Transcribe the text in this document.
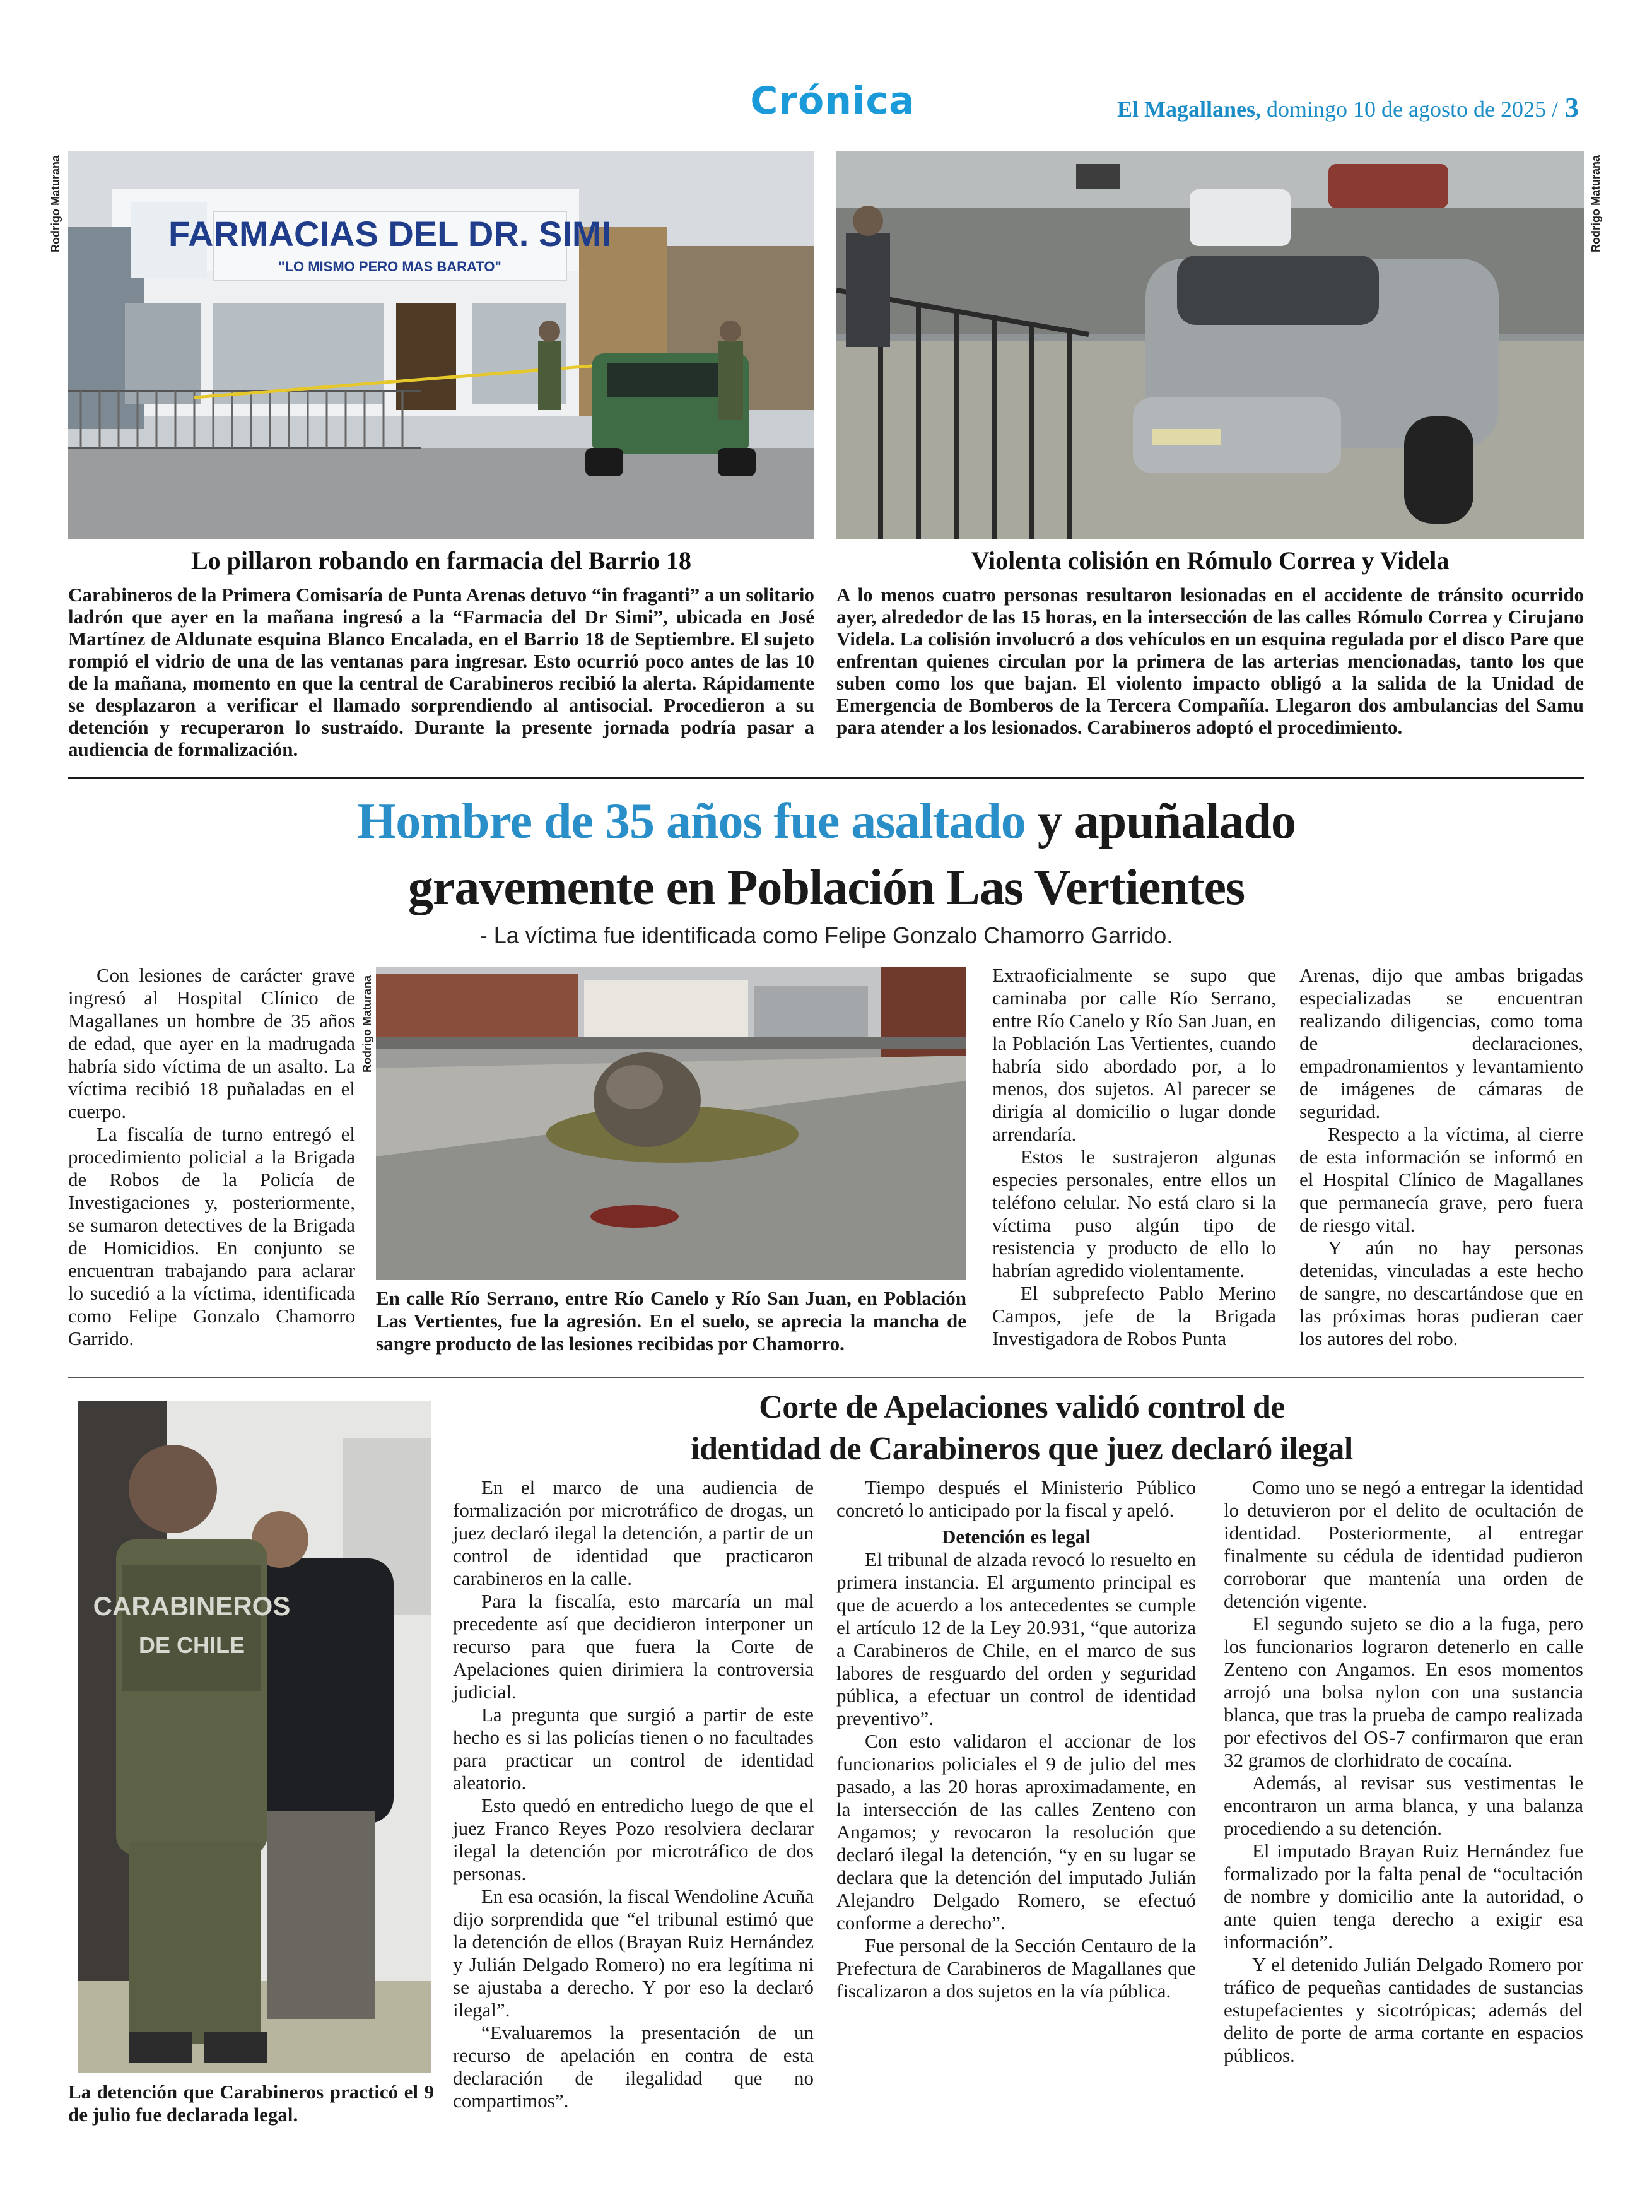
Crónica	El Magallanes, domingo 10 de agosto de 2025 / 3
Rodrigo Maturana	FARMACIAS DEL DR. SIMI
"LO MISMO PERO MAS BARATO"
Rodrigo Maturana
Lo pillaron robando en farmacia del Barrio 18
Carabineros de la Primera Comisaría de Punta Arenas detuvo “in fraganti” a un solitario ladrón que ayer en la mañana ingresó a la “Farmacia del Dr Simi”, ubicada en José Martínez de Aldunate esquina Blanco Encalada, en el Barrio 18 de Septiembre. El sujeto rompió el vidrio de una de las ventanas para ingresar. Esto ocurrió poco antes de las 10 de la mañana, momento en que la central de Carabineros recibió la alerta. Rápidamente se desplazaron a verificar el llamado sorprendiendo al antisocial. Procedieron a su detención y recuperaron lo sustraído. Durante la presente jornada podría pasar a audiencia de formalización.
Violenta colisión en Rómulo Correa y Videla
A lo menos cuatro personas resultaron lesionadas en el accidente de tránsito ocurrido ayer, alrededor de las 15 horas, en la intersección de las calles Rómulo Correa y Cirujano Videla. La colisión involucró a dos vehículos en un esquina regulada por el disco Pare que enfrentan quienes circulan por la primera de las arterias mencionadas, tanto los que suben como los que bajan. El violento impacto obligó a la salida de la Unidad de Emergencia de Bomberos de la Tercera Compañía. Llegaron dos ambulancias del Samu para atender a los lesionados. Carabineros adoptó el procedimiento.
Hombre de 35 años fue asaltado y apuñalado
gravemente en Población Las Vertientes
- La víctima fue identificada como Felipe Gonzalo Chamorro Garrido.

Con lesiones de carácter grave ingresó al Hospital Clínico de Magallanes un hombre de 35 años de edad, que ayer en la madrugada habría sido víctima de un asalto. La víctima recibió 18 puñaladas en el cuerpo.

La fiscalía de turno entregó el procedimiento policial a la Brigada de Robos de la Policía de Investigaciones y, posteriormente, se sumaron detectives de la Brigada de Homicidios. En conjunto se encuentran trabajando para aclarar lo sucedió a la víctima, identificada como Felipe Gonzalo Chamorro Garrido.

Rodrigo Maturana
En calle Río Serrano, entre Río Canelo y Río San Juan, en Población Las Vertientes, fue la agresión. En el suelo, se aprecia la mancha de sangre producto de las lesiones recibidas por Chamorro.

Extraoficialmente se supo que caminaba por calle Río Serrano, entre Río Canelo y Río San Juan, en la Población Las Vertientes, cuando habría sido abordado por, a lo menos, dos sujetos. Al parecer se dirigía al domicilio o lugar donde arrendaría.

Estos le sustrajeron algunas especies personales, entre ellos un teléfono celular. No está claro si la víctima puso algún tipo de resistencia y producto de ello lo habrían agredido violentamente.

El subprefecto Pablo Merino Campos, jefe de la Brigada Investigadora de Robos Punta

Arenas, dijo que ambas brigadas especializadas se encuentran realizando diligencias, como toma de declaraciones, empadronamientos y levantamiento de imágenes de cámaras de seguridad.

Respecto a la víctima, al cierre de esta información se informó en el Hospital Clínico de Magallanes que permanecía grave, pero fuera de riesgo vital.

Y aún no hay personas detenidas, vinculadas a este hecho de sangre, no descartándose que en las próximas horas pudieran caer los autores del robo.

Corte de Apelaciones validó control de
identidad de Carabineros que juez declaró ilegal
CARABINEROS
DE CHILE
La detención que Carabineros practicó el 9 de julio fue declarada legal.

En el marco de una audiencia de formalización por microtráfico de drogas, un juez declaró ilegal la detención, a partir de un control de identidad que practicaron carabineros en la calle.

Para la fiscalía, esto marcaría un mal precedente así que decidieron interponer un recurso para que fuera la Corte de Apelaciones quien dirimiera la controversia judicial.

La pregunta que surgió a partir de este hecho es si las policías tienen o no facultades para practicar un control de identidad aleatorio.

Esto quedó en entredicho luego de que el juez Franco Reyes Pozo resolviera declarar ilegal la detención por microtráfico de dos personas.

En esa ocasión, la fiscal Wendoline Acuña dijo sorprendida que “el tribunal estimó que la detención de ellos (Brayan Ruiz Hernández y Julián Delgado Romero) no era legítima ni se ajustaba a derecho. Y por eso la declaró ilegal”.

“Evaluaremos la presentación de un recurso de apelación en contra de esta declaración de ilegalidad que no compartimos”.

Tiempo después el Ministerio Público concretó lo anticipado por la fiscal y apeló.

Detención es legal

El tribunal de alzada revocó lo resuelto en primera instancia. El argumento principal es que de acuerdo a los antecedentes se cumple el artículo 12 de la Ley 20.931, “que autoriza a Carabineros de Chile, en el marco de sus labores de resguardo del orden y seguridad pública, a efectuar un control de identidad preventivo”.

Con esto validaron el accionar de los funcionarios policiales el 9 de julio del mes pasado, a las 20 horas aproximadamente, en la intersección de las calles Zenteno con Angamos; y revocaron la resolución que declaró ilegal la detención, “y en su lugar se declara que la detención del imputado Julián Alejandro Delgado Romero, se efectuó conforme a derecho”.

Fue personal de la Sección Centauro de la Prefectura de Carabineros de Magallanes que fiscalizaron a dos sujetos en la vía pública.

Como uno se negó a entregar la identidad lo detuvieron por el delito de ocultación de identidad. Posteriormente, al entregar finalmente su cédula de identidad pudieron corroborar que mantenía una orden de detención vigente.

El segundo sujeto se dio a la fuga, pero los funcionarios lograron detenerlo en calle Zenteno con Angamos. En esos momentos arrojó una bolsa nylon con una sustancia blanca, que tras la prueba de campo realizada por efectivos del OS-7 confirmaron que eran 32 gramos de clorhidrato de cocaína.

Además, al revisar sus vestimentas le encontraron un arma blanca, y una balanza procediendo a su detención.

El imputado Brayan Ruiz Hernández fue formalizado por la falta penal de “ocultación de nombre y domicilio ante la autoridad, o ante quien tenga derecho a exigir esa información”.

Y el detenido Julián Delgado Romero por tráfico de pequeñas cantidades de sustancias estupefacientes y sicotrópicas; además del delito de porte de arma cortante en espacios públicos.
